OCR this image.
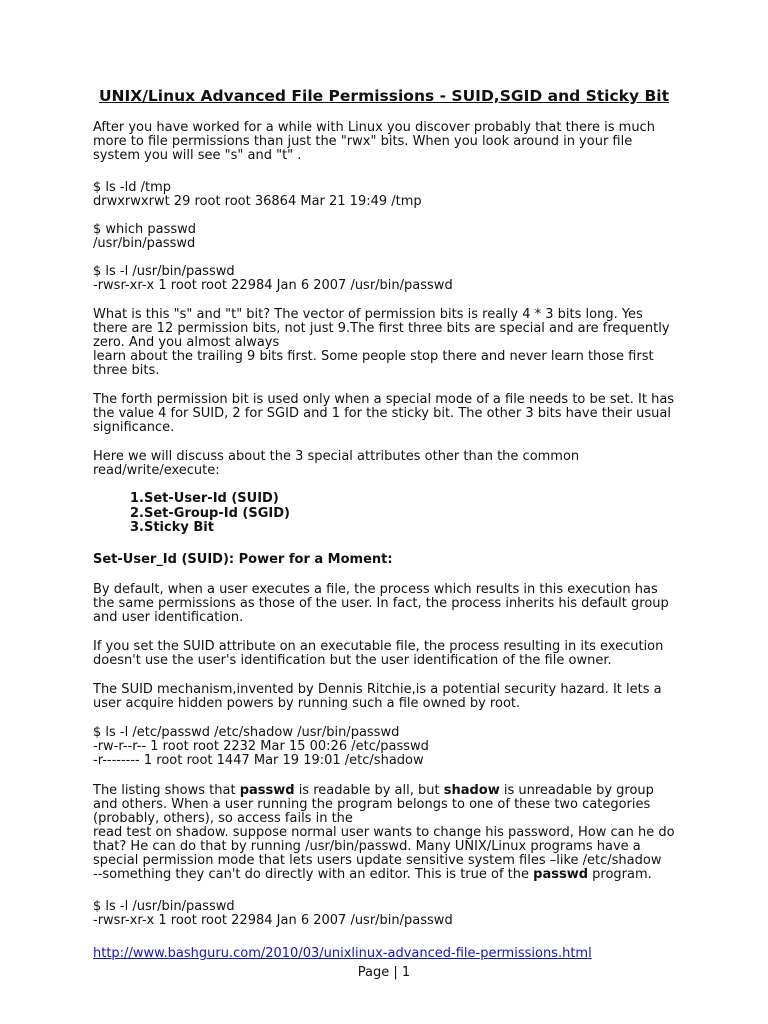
UNIX/Linux Advanced File Permissions - SUID,SGID and Sticky Bit
After you have worked for a while with Linux you discover probably that there is much
more to file permissions than just the "rwx" bits. When you look around in your file
system you will see "s" and "t" .
$ ls -ld /tmp
drwxrwxrwt 29 root root 36864 Mar 21 19:49 /tmp
$ which passwd
/usr/bin/passwd
$ ls -l /usr/bin/passwd
-rwsr-xr-x 1 root root 22984 Jan 6 2007 /usr/bin/passwd
What is this "s" and "t" bit? The vector of permission bits is really 4 * 3 bits long. Yes
there are 12 permission bits, not just 9.The first three bits are special and are frequently
zero. And you almost always
learn about the trailing 9 bits first. Some people stop there and never learn those first
three bits.
The forth permission bit is used only when a special mode of a file needs to be set. It has
the value 4 for SUID, 2 for SGID and 1 for the sticky bit. The other 3 bits have their usual
significance.
Here we will discuss about the 3 special attributes other than the common
read/write/execute:
1.Set-User-Id (SUID)
2.Set-Group-Id (SGID)
3.Sticky Bit
Set-User_Id (SUID): Power for a Moment:
By default, when a user executes a file, the process which results in this execution has
the same permissions as those of the user. In fact, the process inherits his default group
and user identification.
If you set the SUID attribute on an executable file, the process resulting in its execution
doesn't use the user's identification but the user identification of the file owner.
The SUID mechanism,invented by Dennis Ritchie,is a potential security hazard. It lets a
user acquire hidden powers by running such a file owned by root.
$ ls -l /etc/passwd /etc/shadow /usr/bin/passwd
-rw-r--r-- 1 root root 2232 Mar 15 00:26 /etc/passwd
-r-------- 1 root root 1447 Mar 19 19:01 /etc/shadow
The listing shows that passwd is readable by all, but shadow is unreadable by group
and others. When a user running the program belongs to one of these two categories
(probably, others), so access fails in the
read test on shadow. suppose normal user wants to change his password, How can he do
that? He can do that by running /usr/bin/passwd. Many UNIX/Linux programs have a
special permission mode that lets users update sensitive system files –like /etc/shadow
--something they can't do directly with an editor. This is true of the passwd program.
$ ls -l /usr/bin/passwd
-rwsr-xr-x 1 root root 22984 Jan 6 2007 /usr/bin/passwd
http://www.bashguru.com/2010/03/unixlinux-advanced-file-permissions.html
Page | 1
